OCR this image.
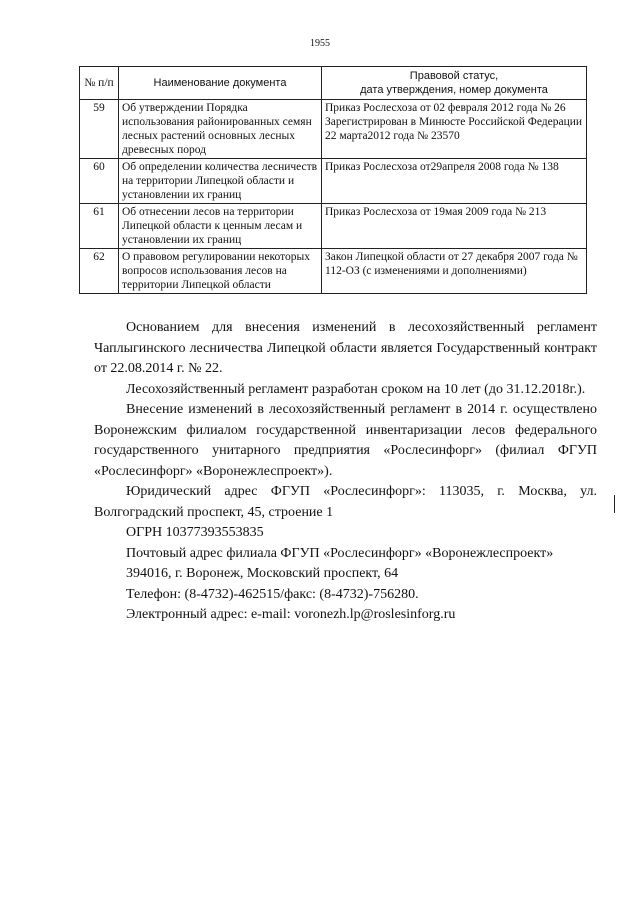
1955
№ п/п	Наименование документа	Правовой статус,
дата утверждения, номер документа

59	Об утверждении Порядка использования районированных семян лесных растений основных лесных древесных пород	Приказ Рослесхоза от 02 февраля 2012 года № 26
Зарегистрирован в Минюсте Российской Федерации 22 марта2012 года № 23570

60	Об определении количества лесничеств на территории Липецкой области и установлении их границ	Приказ Рослесхоза от29апреля 2008 года № 138
61	Об отнесении лесов на территории Липецкой области к ценным лесам и установлении их границ	Приказ Рослесхоза от 19мая 2009 года № 213
62	О правовом регулировании некоторых вопросов использования лесов на территории Липецкой области	Закон Липецкой области от 27 декабря 2007 года № 112-ОЗ (с изменениями и дополнениями)

Основанием для внесения изменений в лесохозяйственный регламент Чаплыгинского лесничества Липецкой области является Государственный контракт от 22.08.2014 г. № 22.

Лесохозяйственный регламент разработан сроком на 10 лет (до 31.12.2018г.).

Внесение изменений в лесохозяйственный регламент в 2014 г. осуществлено Воронежским филиалом государственной инвентаризации лесов федерального государственного унитарного предприятия «Рослесинфорг» (филиал ФГУП «Рослесинфорг» «Воронежлеспроект»).

Юридический адрес ФГУП «Рослесинфорг»: 113035, г. Москва, ул. Волгоградский проспект, 45, строение 1

ОГРН 10377393553835

Почтовый адрес филиала ФГУП «Рослесинфорг» «Воронежлеспроект»

394016, г. Воронеж, Московский проспект, 64

Телефон: (8-4732)-462515/факс: (8-4732)-756280.

Электронный адрес: e-mail: voronezh.lp@roslesinforg.ru
